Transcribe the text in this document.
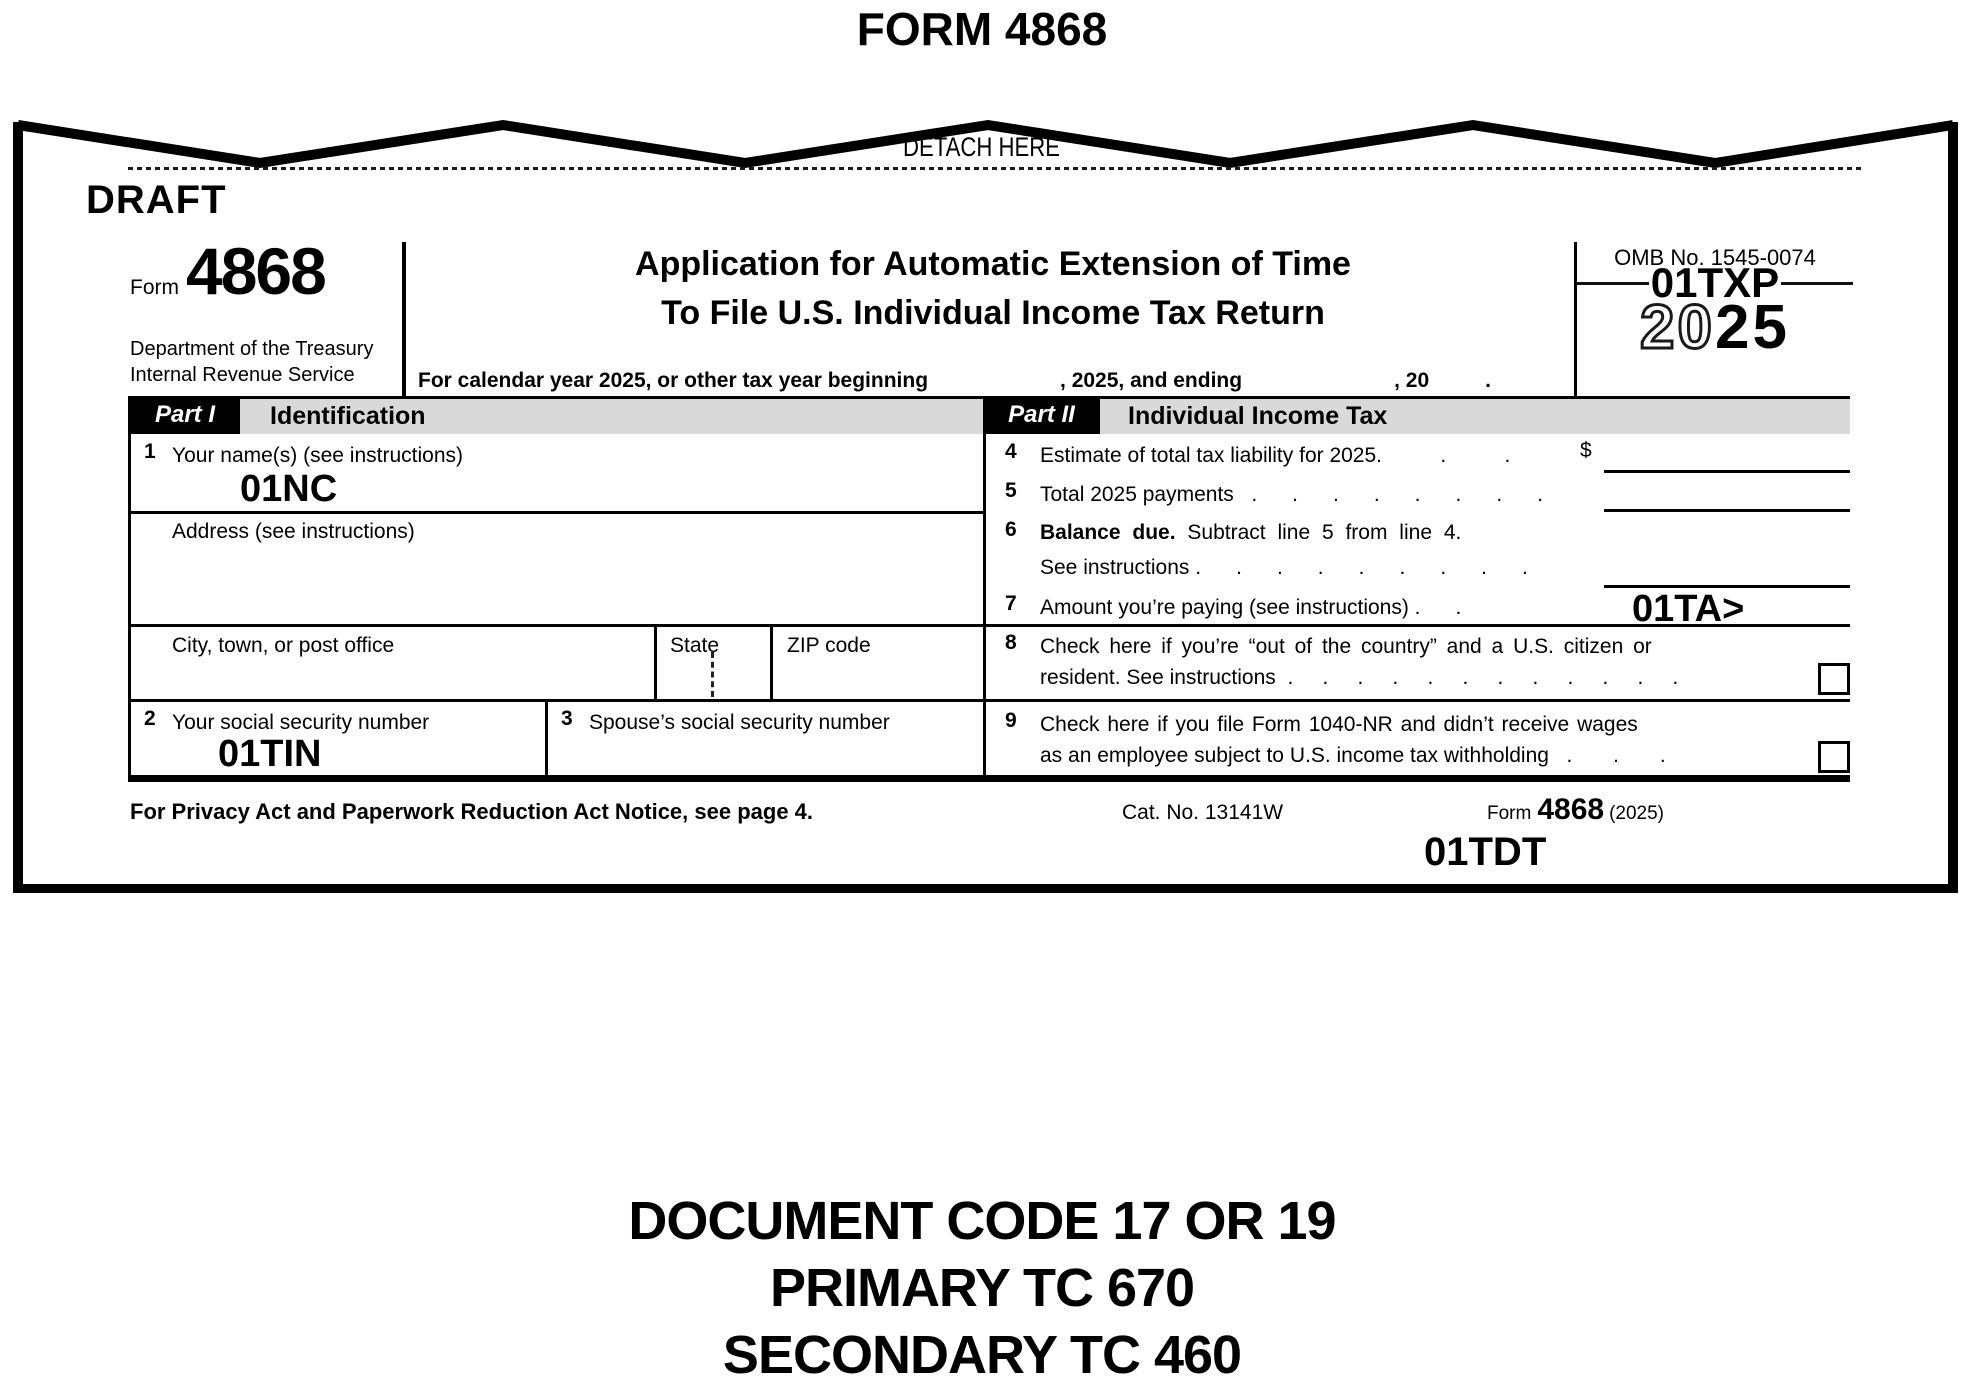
FORM 4868
DETACH HERE
DRAFT
Form 4868
Department of the Treasury
Internal Revenue Service
Application for Automatic Extension of Time
To File U.S. Individual Income Tax Return
For calendar year 2025, or other tax year beginning	, 2025, and ending	, 20	.
OMB No. 1545-0074
01TXP
2025
Part I Identification	Part II Individual Income Tax
1 Your name(s) (see instructions)
01NC
Address (see instructions)
City, town, or post office	State	ZIP code
2 Your social security number
01TIN
3 Spouse’s social security number
4 Estimate of total tax liability for 2025.          .          .	$
5 Total 2025 payments .      .      .      .      .      .      .      .
6 Balance due. Subtract line 5 from line 4.
See instructions .      .      .      .      .      .      .      .      .
7 Amount you’re paying (see instructions) .      .	01TA>
8 Check here if you’re “out of the country” and a U.S. citizen or
resident. See instructions .     .     .     .     .     .     .     .     .     .     .     .
9 Check here if you file Form 1040-NR and didn’t receive wages
as an employee subject to U.S. income tax withholding .       .       .
For Privacy Act and Paperwork Reduction Act Notice, see page 4.	Cat. No. 13141W	Form 4868 (2025)
01TDT
DOCUMENT CODE 17 OR 19
PRIMARY TC 670
SECONDARY TC 460
